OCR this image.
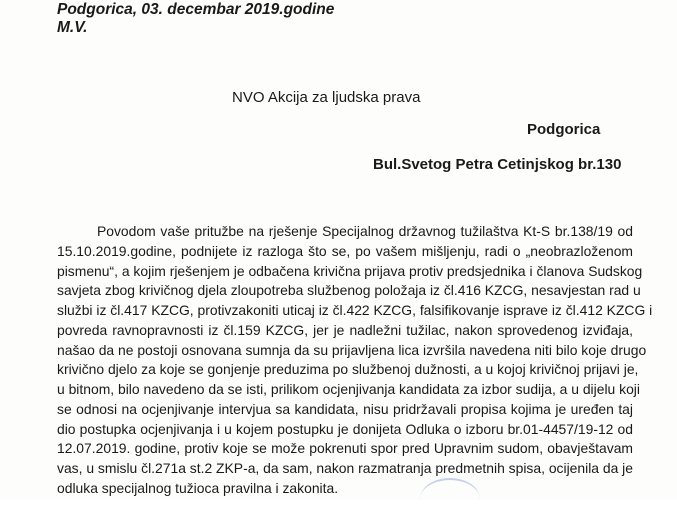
Podgorica, 03. decembar 2019.godine
M.V.
NVO Akcija za ljudska prava
Podgorica
Bul.Svetog Petra Cetinjskog br.130
Povodom vaše pritužbe na rješenje Specijalnog državnog tužilaštva Kt-S br.138/19 od
15.10.2019.godine, podnijete iz razloga što se, po vašem mišljenju, radi o „neobrazloženom
pismenu“, a kojim rješenjem je odbačena krivična prijava protiv predsjednika i članova Sudskog
savjeta zbog krivičnog djela zloupotreba službenog položaja iz čl.416 KZCG, nesavjestan rad u
službi iz čl.417 KZCG, protivzakoniti uticaj iz čl.422 KZCG, falsifikovanje isprave iz čl.412 KZCG i
povreda ravnopravnosti iz čl.159 KZCG, jer je nadležni tužilac, nakon sprovedenog izviđaja,
našao da ne postoji osnovana sumnja da su prijavljena lica izvršila navedena niti bilo koje drugo
krivično djelo za koje se gonjenje preduzima po službenoj dužnosti, a u kojoj krivičnoj prijavi je,
u bitnom, bilo navedeno da se isti, prilikom ocjenjivanja kandidata za izbor sudija, a u dijelu koji
se odnosi na ocjenjivanje intervjua sa kandidata, nisu pridržavali propisa kojima je uređen taj
dio postupka ocjenjivanja i u kojem postupku je donijeta Odluka o izboru br.01-4457/19-12 od
12.07.2019. godine, protiv koje se može pokrenuti spor pred Upravnim sudom, obavještavam
vas, u smislu čl.271a st.2 ZKP-a, da sam, nakon razmatranja predmetnih spisa, ocijenila da je
odluka specijalnog tužioca pravilna i zakonita.
